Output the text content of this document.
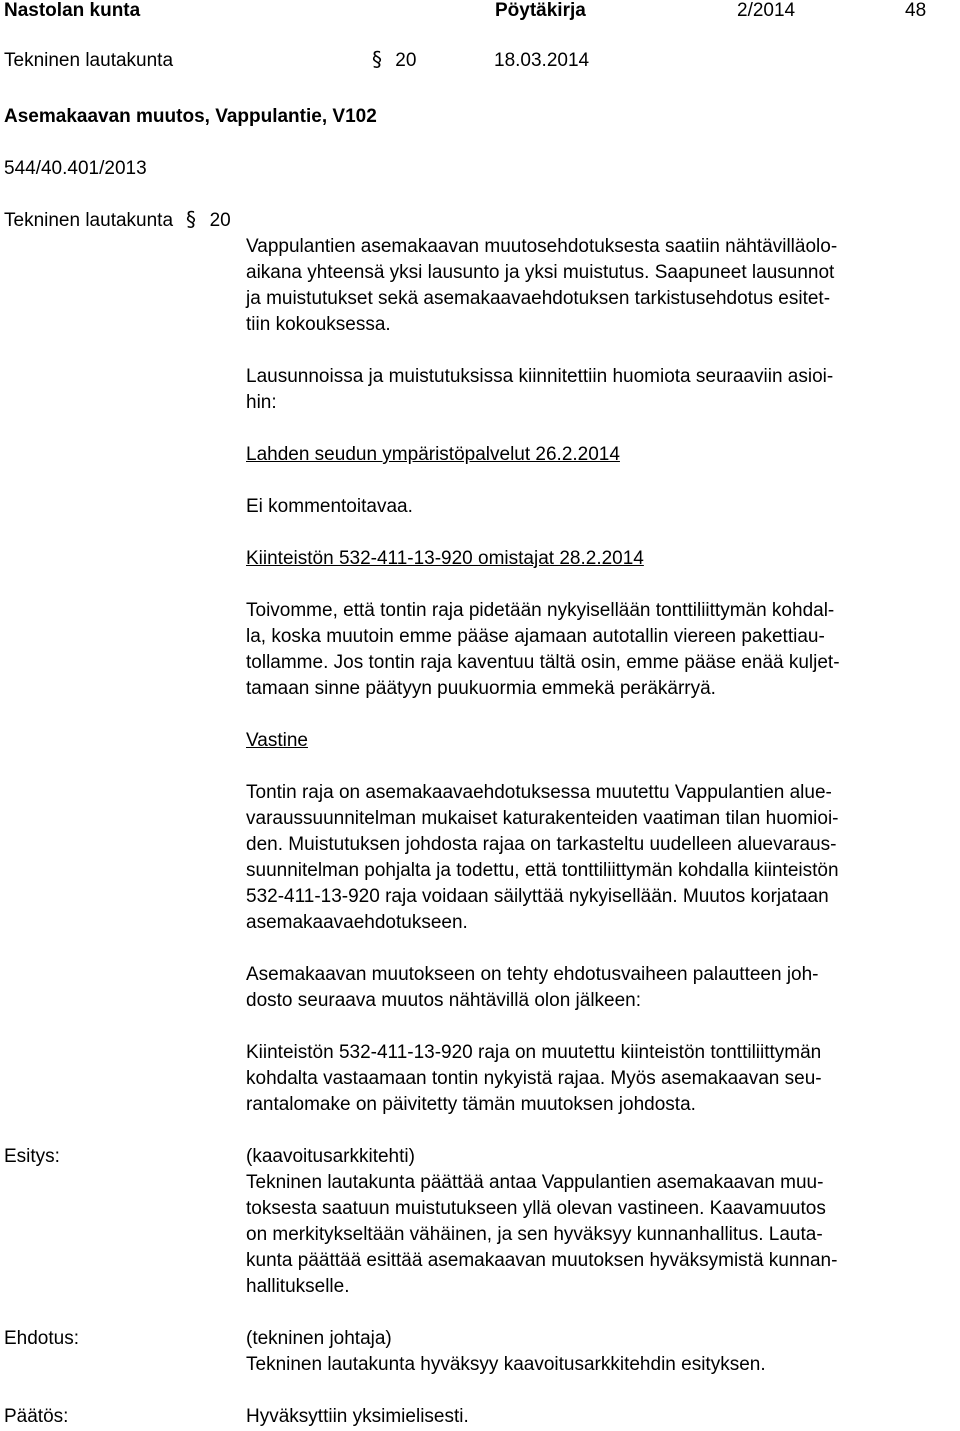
Nastolan kunta	Pöytäkirja	2/2014	48
Tekninen lautakunta	§ 20	18.03.2014
Asemakaavan muutos, Vappulantie, V102
544/40.401/2013
Tekninen lautakunta § 20
Vappulantien asemakaavan muutosehdotuksesta saatiin nähtävilläolo-
aikana yhteensä yksi lausunto ja yksi muistutus. Saapuneet lausunnot
ja muistutukset sekä asemakaavaehdotuksen tarkistusehdotus esitet-
tiin kokouksessa.
Lausunnoissa ja muistutuksissa kiinnitettiin huomiota seuraaviin asioi-
hin:
Lahden seudun ympäristöpalvelut 26.2.2014
Ei kommentoitavaa.
Kiinteistön 532-411-13-920 omistajat 28.2.2014
Toivomme, että tontin raja pidetään nykyisellään tonttiliittymän kohdal-
la, koska muutoin emme pääse ajamaan autotallin viereen pakettiau-
tollamme. Jos tontin raja kaventuu tältä osin, emme pääse enää kuljet-
tamaan sinne päätyyn puukuormia emmekä peräkärryä.
Vastine
Tontin raja on asemakaavaehdotuksessa muutettu Vappulantien alue-
varaussuunnitelman mukaiset katurakenteiden vaatiman tilan huomioi-
den. Muistutuksen johdosta rajaa on tarkasteltu uudelleen aluevaraus-
suunnitelman pohjalta ja todettu, että tonttiliittymän kohdalla kiinteistön
532-411-13-920 raja voidaan säilyttää nykyisellään. Muutos korjataan
asemakaavaehdotukseen.
Asemakaavan muutokseen on tehty ehdotusvaiheen palautteen joh-
dosto seuraava muutos nähtävillä olon jälkeen:
Kiinteistön 532-411-13-920 raja on muutettu kiinteistön tonttiliittymän
kohdalta vastaamaan tontin nykyistä rajaa. Myös asemakaavan seu-
rantalomake on päivitetty tämän muutoksen johdosta.
Esitys:	(kaavoitusarkkitehti)
Tekninen lautakunta päättää antaa Vappulantien asemakaavan muu-
toksesta saatuun muistutukseen yllä olevan vastineen. Kaavamuutos
on merkitykseltään vähäinen, ja sen hyväksyy kunnanhallitus. Lauta-
kunta päättää esittää asemakaavan muutoksen hyväksymistä kunnan-
hallitukselle.
Ehdotus:	(tekninen johtaja)
Tekninen lautakunta hyväksyy kaavoitusarkkitehdin esityksen.
Päätös:	Hyväksyttiin yksimielisesti.
